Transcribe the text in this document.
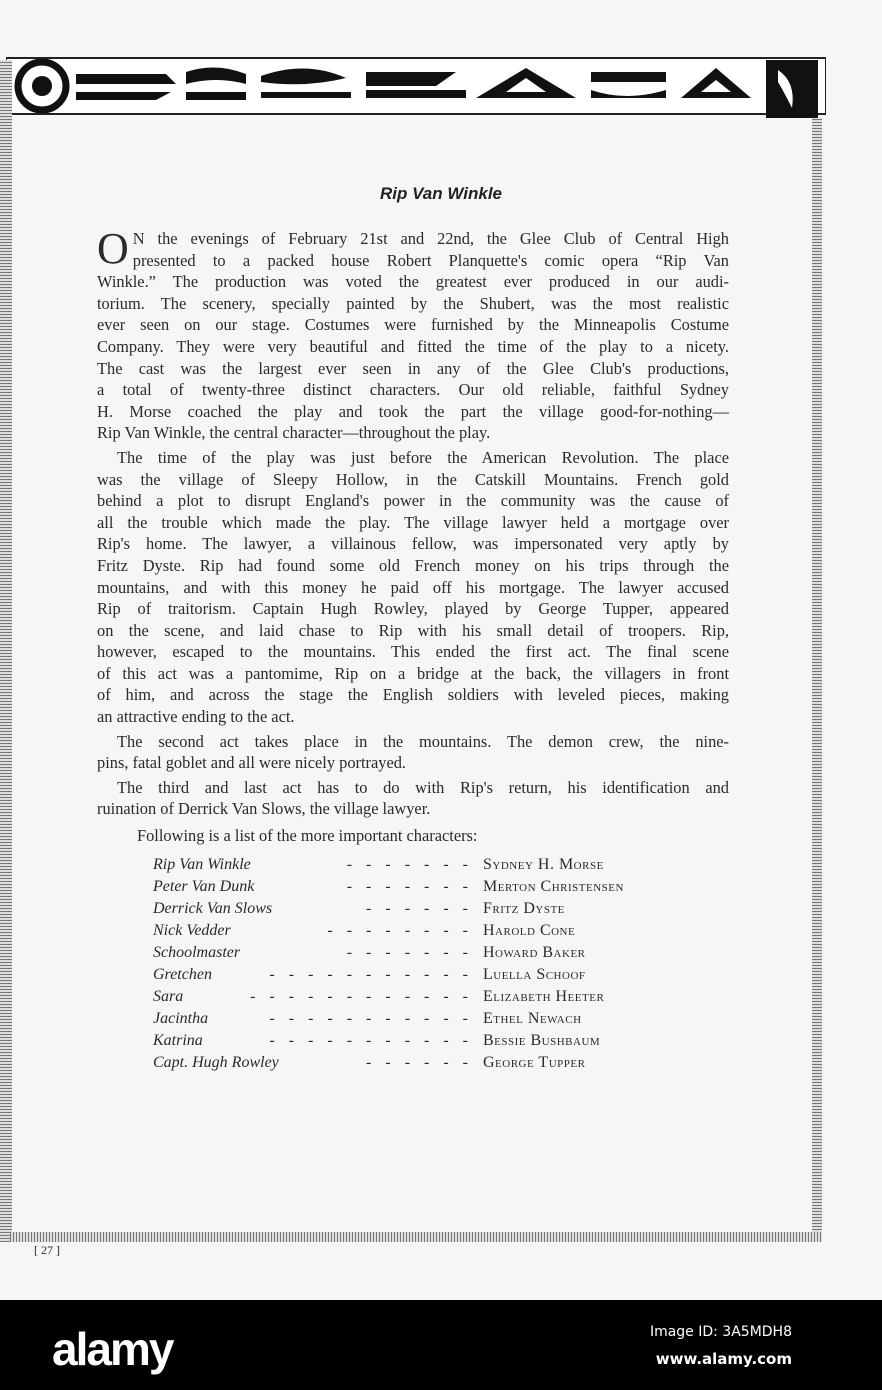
Rip Van Winkle
O N the evenings of February 21st and 22nd, the Glee Club of Central High
presented to a packed house Robert Planquette's comic opera “Rip Van
Winkle.” The production was voted the greatest ever produced in our audi-
torium. The scenery, specially painted by the Shubert, was the most realistic
ever seen on our stage. Costumes were furnished by the Minneapolis Costume
Company. They were very beautiful and fitted the time of the play to a nicety.
The cast was the largest ever seen in any of the Glee Club's productions,
a total of twenty-three distinct characters. Our old reliable, faithful Sydney
H. Morse coached the play and took the part the village good-for-nothing—
Rip Van Winkle, the central character—throughout the play.
The time of the play was just before the American Revolution. The place
was the village of Sleepy Hollow, in the Catskill Mountains. French gold
behind a plot to disrupt England's power in the community was the cause of
all the trouble which made the play. The village lawyer held a mortgage over
Rip's home. The lawyer, a villainous fellow, was impersonated very aptly by
Fritz Dyste. Rip had found some old French money on his trips through the
mountains, and with this money he paid off his mortgage. The lawyer accused
Rip of traitorism. Captain Hugh Rowley, played by George Tupper, appeared
on the scene, and laid chase to Rip with his small detail of troopers. Rip,
however, escaped to the mountains. This ended the first act. The final scene
of this act was a pantomime, Rip on a bridge at the back, the villagers in front
of him, and across the stage the English soldiers with leveled pieces, making
an attractive ending to the act.
The second act takes place in the mountains. The demon crew, the nine-
pins, fatal goblet and all were nicely portrayed.
The third and last act has to do with Rip's return, his identification and
ruination of Derrick Van Slows, the village lawyer.
Following is a list of the more important characters:
Rip Van Winkle	- - - - - - - Sydney H. Morse
Peter Van Dunk	- - - - - - - Merton Christensen
Derrick Van Slows	- - - - - - Fritz Dyste
Nick Vedder	- - - - - - - - Harold Cone
Schoolmaster	- - - - - - - Howard Baker
Gretchen	- - - - - - - - - - - Luella Schoof
Sara	- - - - - - - - - - - - Elizabeth Heeter
Jacintha	- - - - - - - - - - - Ethel Newach
Katrina	- - - - - - - - - - - Bessie Bushbaum
Capt. Hugh Rowley	- - - - - - George Tupper
[ 27 ]
alamy	Image ID: 3A5MDH8
www.alamy.com
